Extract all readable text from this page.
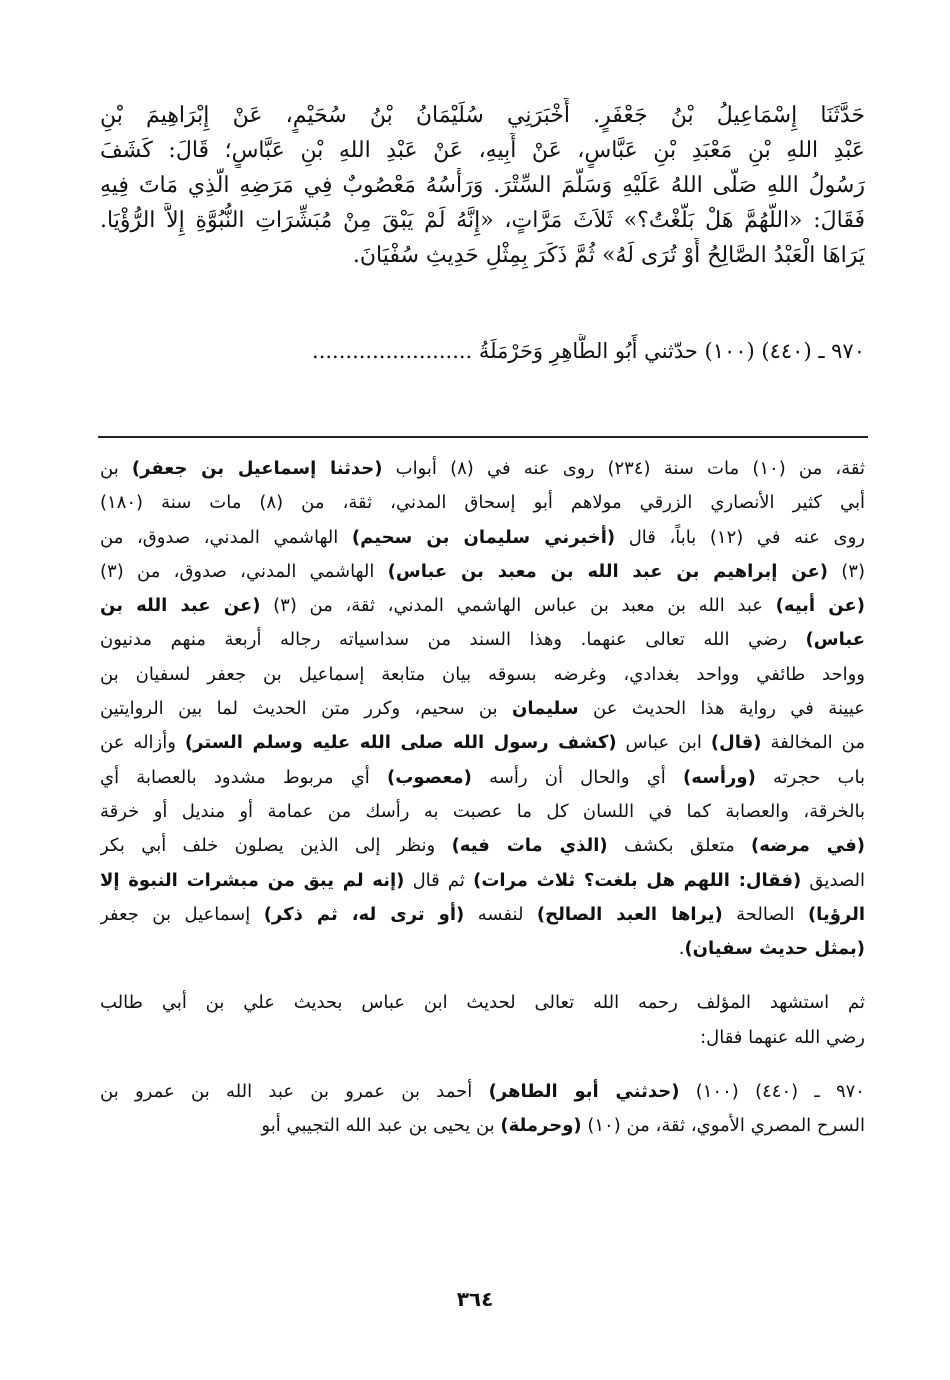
حَدَّثَنَا إِسْمَاعِيلُ بْنُ جَعْفَرٍ. أَخْبَرَنِي سُلَيْمَانُ بْنُ سُحَيْمٍ، عَنْ إِبْرَاهِيمَ بْنِ
عَبْدِ اللهِ بْنِ مَعْبَدِ بْنِ عَبَّاسٍ، عَنْ أَبِيهِ، عَنْ عَبْدِ اللهِ بْنِ عَبَّاسٍ؛ قَالَ: كَشَفَ
رَسُولُ اللهِ صَلَّى اللهُ عَلَيْهِ وَسَلَّمَ السِّتْرَ. وَرَأْسُهُ مَعْصُوبٌ فِي مَرَضِهِ الَّذِي مَاتَ فِيهِ
فَقَالَ: «اللَّهُمَّ هَلْ بَلَّغْتُ؟» ثَلاَثَ مَرَّاتٍ، «إِنَّهُ لَمْ يَبْقَ مِنْ مُبَشِّرَاتِ النُّبُوَّةِ إِلاَّ الرُّؤْيَا.
يَرَاهَا الْعَبْدُ الصَّالِحُ أَوْ تُرَى لَهُ» ثُمَّ ذَكَرَ بِمِثْلِ حَدِيثِ سُفْيَانَ.
٩٧٠ ـ (٤٤٠) (١٠٠) حدّثني أَبُو الطَّاهِرِ وَحَرْمَلَةُ ........................
ثقة، من (١٠) مات سنة (٢٣٤) روى عنه في (٨) أبواب (حدثنا إسماعيل بن جعفر) بن
أبي كثير الأنصاري الزرقي مولاهم أبو إسحاق المدني، ثقة، من (٨) مات سنة (١٨٠)
روى عنه في (١٢) باباً، قال (أخبرني سليمان بن سحيم) الهاشمي المدني، صدوق، من
(٣) (عن إبراهيم بن عبد الله بن معبد بن عباس) الهاشمي المدني، صدوق، من (٣)
(عن أبيه) عبد الله بن معبد بن عباس الهاشمي المدني، ثقة، من (٣) (عن عبد الله بن
عباس) رضي الله تعالى عنهما. وهذا السند من سداسياته رجاله أربعة منهم مدنيون
وواحد طائفي وواحد بغدادي، وغرضه بسوقه بيان متابعة إسماعيل بن جعفر لسفيان بن
عيينة في رواية هذا الحديث عن سليمان بن سحيم، وكرر متن الحديث لما بين الروايتين
من المخالفة (قال) ابن عباس (كشف رسول الله صلى الله عليه وسلم الستر) وأزاله عن
باب حجرته (ورأسه) أي والحال أن رأسه (معصوب) أي مربوط مشدود بالعصابة أي
بالخرقة، والعصابة كما في اللسان كل ما عصبت به رأسك من عمامة أو منديل أو خرقة
(في مرضه) متعلق بكشف (الذي مات فيه) ونظر إلى الذين يصلون خلف أبي بكر
الصديق (فقال: اللهم هل بلغت؟ ثلاث مرات) ثم قال (إنه لم يبق من مبشرات النبوة إلا
الرؤيا) الصالحة (يراها العبد الصالح) لنفسه (أو ترى له، ثم ذكر) إسماعيل بن جعفر
(بمثل حديث سفيان).
ثم استشهد المؤلف رحمه الله تعالى لحديث ابن عباس بحديث علي بن أبي طالب
رضي الله عنهما فقال:
٩٧٠ ـ (٤٤٠) (١٠٠) (حدثني أبو الطاهر) أحمد بن عمرو بن عبد الله بن عمرو بن
السرح المصري الأموي، ثقة، من (١٠) (وحرملة) بن يحيى بن عبد الله التجيبي أبو
٣٦٤
